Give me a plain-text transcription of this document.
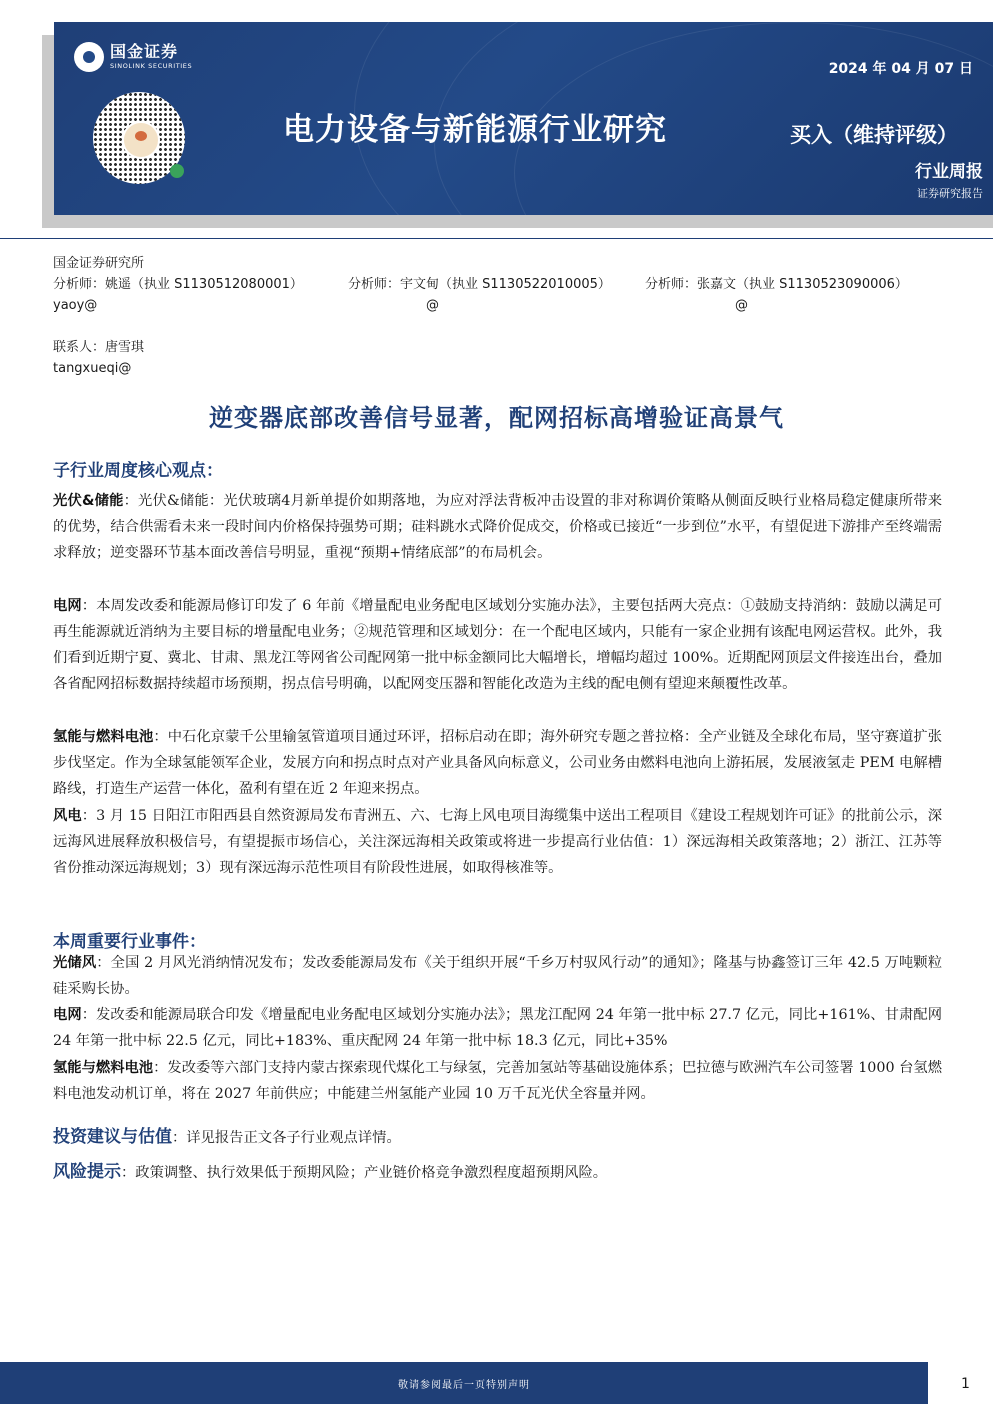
国金证券
SINOLINK SECURITIES	2024 年 04 月 07 日
电力设备与新能源行业研究	买入（维持评级）
行业周报
证券研究报告
国金证券研究所
分析师：姚遥（执业 S1130512080001）	分析师：宇文甸（执业 S1130522010005）	分析师：张嘉文（执业 S1130523090006）
yaoy@	@	@
联系人：唐雪琪
tangxueqi@
逆变器底部改善信号显著，配网招标高增验证高景气
子行业周度核心观点：
光伏&储能：光伏&储能：光伏玻璃4月新单提价如期落地，为应对浮法背板冲击设置的非对称调价策略从侧面反映行业格局稳定健康所带来的优势，结合供需看未来一段时间内价格保持强势可期；硅料跳水式降价促成交，价格或已接近“一步到位”水平，有望促进下游排产至终端需求释放；逆变器环节基本面改善信号明显，重视“预期+情绪底部”的布局机会。
电网：本周发改委和能源局修订印发了 6 年前《增量配电业务配电区域划分实施办法》，主要包括两大亮点：①鼓励支持消纳：鼓励以满足可再生能源就近消纳为主要目标的增量配电业务；②规范管理和区域划分：在一个配电区域内，只能有一家企业拥有该配电网运营权。此外，我们看到近期宁夏、冀北、甘肃、黑龙江等网省公司配网第一批中标金额同比大幅增长，增幅均超过 100%。近期配网顶层文件接连出台，叠加各省配网招标数据持续超市场预期，拐点信号明确，以配网变压器和智能化改造为主线的配电侧有望迎来颠覆性改革。
氢能与燃料电池：中石化京蒙千公里输氢管道项目通过环评，招标启动在即；海外研究专题之普拉格：全产业链及全球化布局，坚守赛道扩张步伐坚定。作为全球氢能领军企业，发展方向和拐点时点对产业具备风向标意义，公司业务由燃料电池向上游拓展，发展液氢走 PEM 电解槽路线，打造生产运营一体化，盈利有望在近 2 年迎来拐点。
风电：3 月 15 日阳江市阳西县自然资源局发布青洲五、六、七海上风电项目海缆集中送出工程项目《建设工程规划许可证》的批前公示，深远海风进展释放积极信号，有望提振市场信心，关注深远海相关政策或将进一步提高行业估值：1）深远海相关政策落地；2）浙江、江苏等省份推动深远海规划；3）现有深远海示范性项目有阶段性进展，如取得核准等。
本周重要行业事件：
光储风：全国 2 月风光消纳情况发布；发改委能源局发布《关于组织开展“千乡万村驭风行动”的通知》；隆基与协鑫签订三年 42.5 万吨颗粒硅采购长协。
电网：发改委和能源局联合印发《增量配电业务配电区域划分实施办法》；黑龙江配网 24 年第一批中标 27.7 亿元，同比+161%、甘肃配网 24 年第一批中标 22.5 亿元，同比+183%、重庆配网 24 年第一批中标 18.3 亿元，同比+35%
氢能与燃料电池：发改委等六部门支持内蒙古探索现代煤化工与绿氢，完善加氢站等基础设施体系；巴拉德与欧洲汽车公司签署 1000 台氢燃料电池发动机订单，将在 2027 年前供应；中能建兰州氢能产业园 10 万千瓦光伏全容量并网。
投资建议与估值：详见报告正文各子行业观点详情。
风险提示：政策调整、执行效果低于预期风险；产业链价格竞争激烈程度超预期风险。
敬请参阅最后一页特别声明	1
